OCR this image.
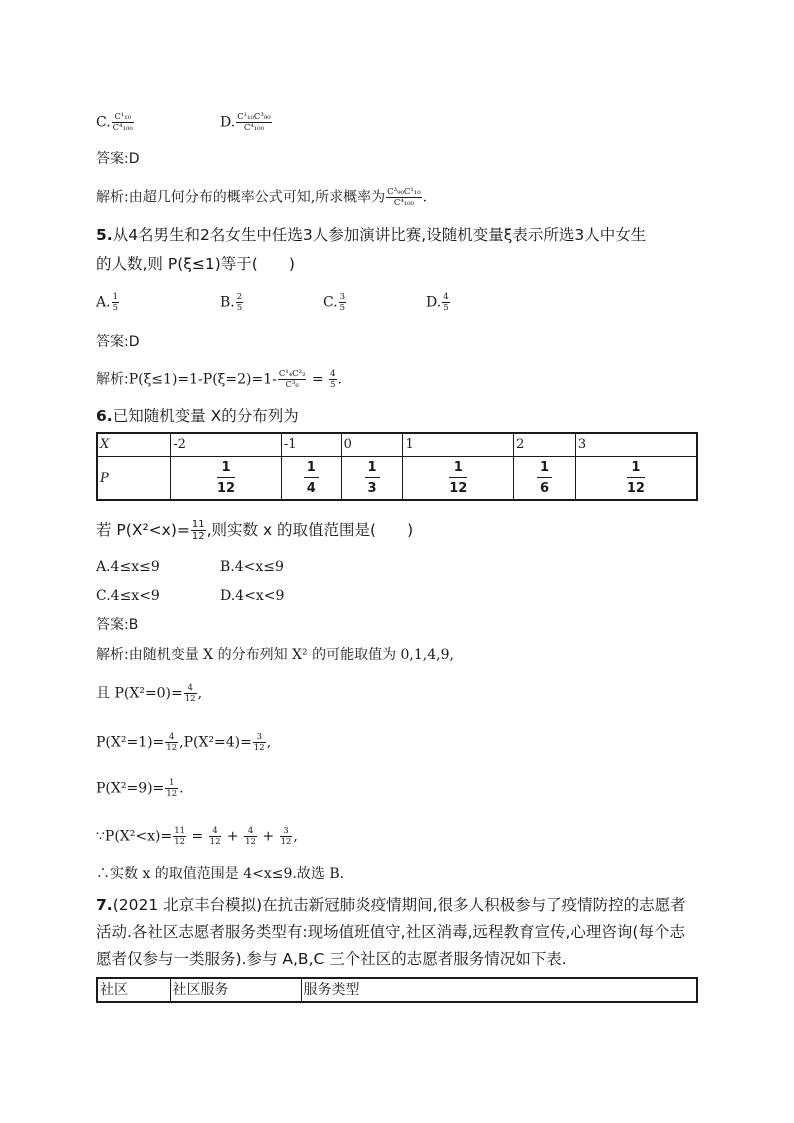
C. $\frac{\text{C¹₁₀}}{\text{C⁴₁₀₀}}$	D. $\frac{\text{C¹₁₀C³₉₀}}{\text{C⁴₁₀₀}}$
答案:D
解析:由超几何分布的概率公式可知,所求概率为 $\frac{\text{C³₉₀C¹₁₀}}{\text{C⁴₁₀₀}}$ .
5.从4名男生和2名女生中任选3人参加演讲比赛,设随机变量ξ表示所选3人中女生
的人数,则 P(ξ≤1)等于(　　)
A. $\frac{1}{5}$	B. $\frac{2}{5}$	C. $\frac{3}{5}$	D. $\frac{4}{5}$
答案:D
解析:P(ξ≤1)=1-P(ξ=2)=1- $\frac{\text{C¹₄C²₂}}{\text{C³₆}} = \frac{4}{5}$ .
6.已知随机变量 X的分布列为
X	-2	-1	0	1	2	3
P	$\frac{1}{12}$	$\frac{1}{4}$	$\frac{1}{3}$	$\frac{1}{12}$	$\frac{1}{6}$	$\frac{1}{12}$
若 $P(X^2<x)= \frac{11}{12}$ ,则实数 x 的取值范围是(　　)
A.4≤x≤9	B.4<x≤9
C.4≤x<9	D.4<x<9
答案:B
解析:由随机变量 X 的分布列知 X² 的可能取值为 0,1,4,9,
且 $P(X^2=0)= \frac{4}{12}$ ,
$P(X^2=1)= \frac{4}{12} ,P(X^2=4)= \frac{3}{12}$ ,
$P(X^2=9)= \frac{1}{12}$ .
∵P(X²<x)= $\frac{11}{12} = \frac{4}{12} + \frac{4}{12} + \frac{3}{12}$ ,
∴实数 x 的取值范围是 4<x≤9.故选 B.
7.(2021 北京丰台模拟)在抗击新冠肺炎疫情期间,很多人积极参与了疫情防控的志愿者
活动.各社区志愿者服务类型有:现场值班值守,社区消毒,远程教育宣传,心理咨询(每个志
愿者仅参与一类服务).参与 A,B,C 三个社区的志愿者服务情况如下表.
社区	社区服务	服务类型
